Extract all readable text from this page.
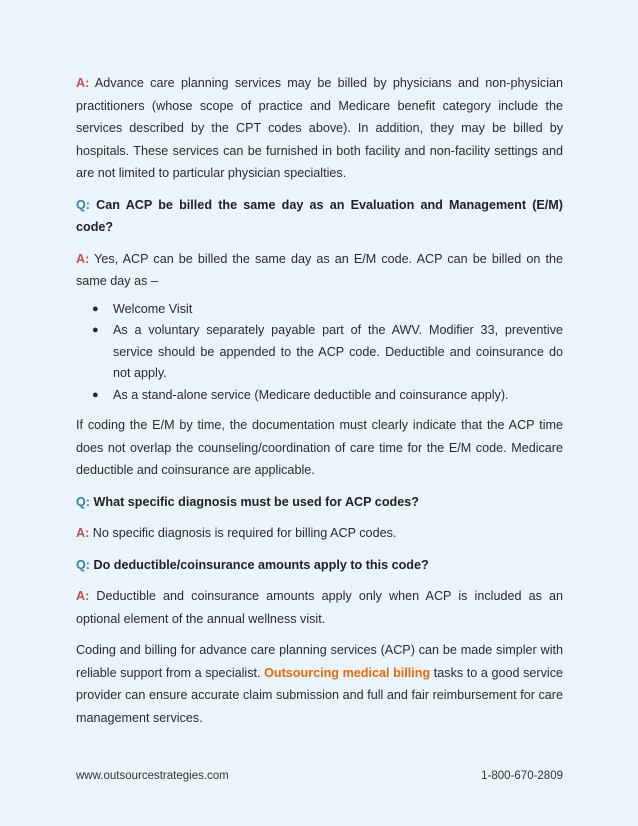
A: Advance care planning services may be billed by physicians and non-physician practitioners (whose scope of practice and Medicare benefit category include the services described by the CPT codes above). In addition, they may be billed by hospitals. These services can be furnished in both facility and non-facility settings and are not limited to particular physician specialties.

Q: Can ACP be billed the same day as an Evaluation and Management (E/M) code?

A: Yes, ACP can be billed the same day as an E/M code. ACP can be billed on the same day as –

● Welcome Visit
● As a voluntary separately payable part of the AWV. Modifier 33, preventive service should be appended to the ACP code. Deductible and coinsurance do not apply.
● As a stand-alone service (Medicare deductible and coinsurance apply).

If coding the E/M by time, the documentation must clearly indicate that the ACP time does not overlap the counseling/coordination of care time for the E/M code. Medicare deductible and coinsurance are applicable.

Q: What specific diagnosis must be used for ACP codes?

A: No specific diagnosis is required for billing ACP codes.

Q: Do deductible/coinsurance amounts apply to this code?

A: Deductible and coinsurance amounts apply only when ACP is included as an optional element of the annual wellness visit.

Coding and billing for advance care planning services (ACP) can be made simpler with reliable support from a specialist. Outsourcing medical billing tasks to a good service provider can ensure accurate claim submission and full and fair reimbursement for care management services.

www.outsourcestrategies.com	1-800-670-2809
